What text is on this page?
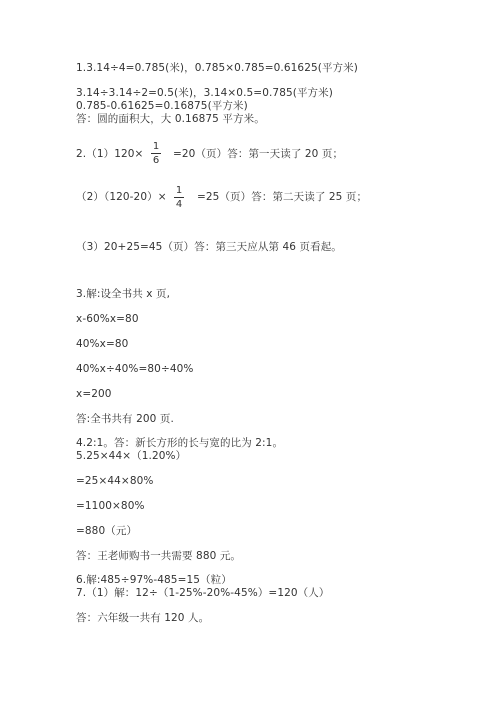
1.3.14÷4=0.785(米)，0.785×0.785=0.61625(平方米)
3.14÷3.14÷2=0.5(米)，3.14×0.5=0.785(平方米)
0.785-0.61625=0.16875(平方米)
答：圆的面积大，大 0.16875 平方米。
2.（1）120×
1
6
=20（页）答：第一天读了 20 页；
（2）（120-20）×
1
4
=25（页）答：第二天读了 25 页；
（3）20+25=45（页）答：第三天应从第 46 页看起。
3.解:设全书共 x 页,
x-60%x=80
40%x=80
40%x÷40%=80÷40%
x=200
答:全书共有 200 页.
4.2:1。答：新长方形的长与宽的比为 2:1。
5.25×44×（1.20%）
=25×44×80%
=1100×80%
=880（元）
答：王老师购书一共需要 880 元。
6.解:485÷97%-485=15（粒）
7.（1）解：12÷（1-25%-20%-45%）=120（人）
答：六年级一共有 120 人。
